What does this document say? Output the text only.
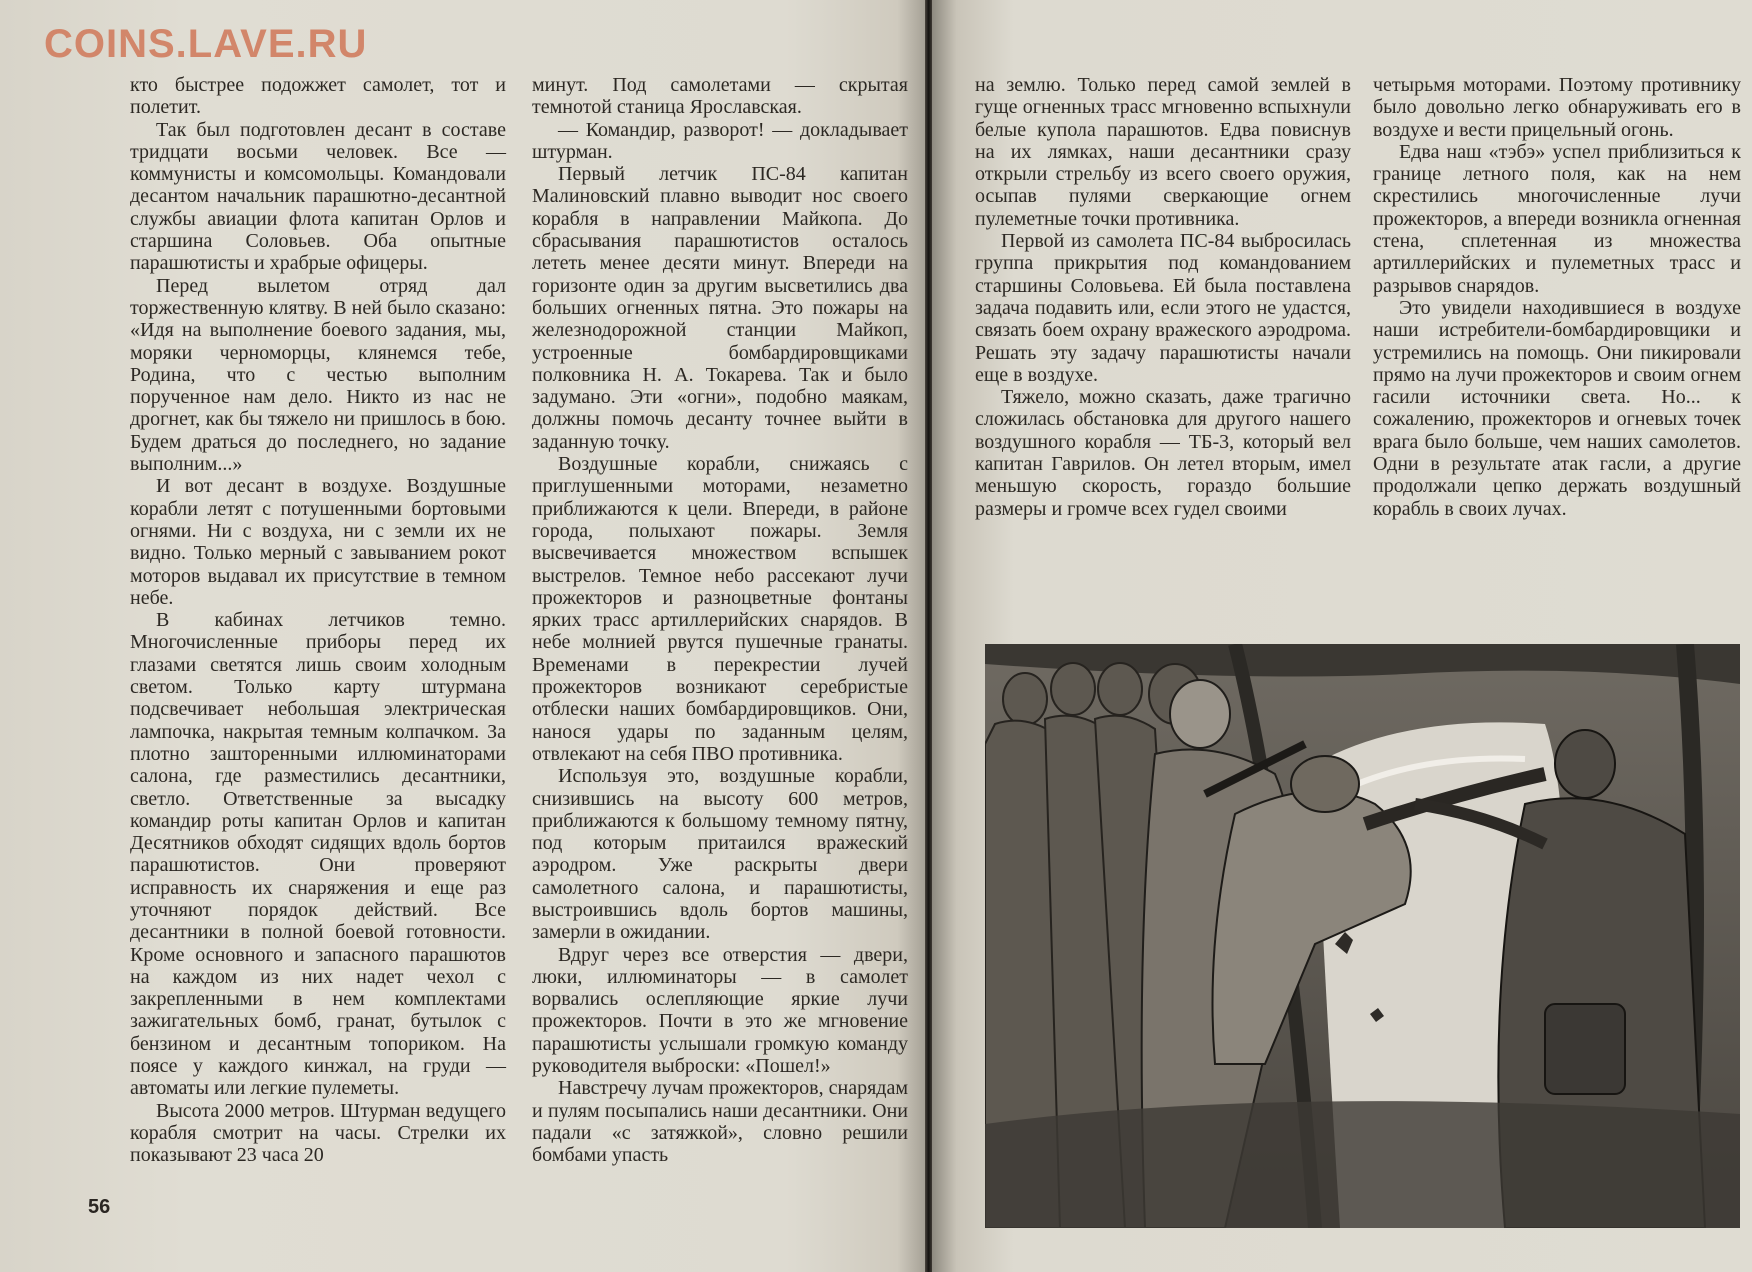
COINS.LAVE.RU

кто быстрее подожжет самолет, тот и полетит.

Так был подготовлен десант в составе тридцати восьми человек. Все — коммунисты и комсомольцы. Командовали десантом начальник парашютно-десантной службы авиации флота капитан Орлов и старшина Соловьев. Оба опытные парашютисты и храбрые офицеры.

Перед вылетом отряд дал торжественную клятву. В ней было сказано: «Идя на выполнение боевого задания, мы, моряки черноморцы, клянемся тебе, Родина, что с честью выполним порученное нам дело. Никто из нас не дрогнет, как бы тяжело ни пришлось в бою. Будем драться до последнего, но задание выполним...»

И вот десант в воздухе. Воздушные корабли летят с потушенными бортовыми огнями. Ни с воздуха, ни с земли их не видно. Только мерный с завыванием рокот моторов выдавал их присутствие в темном небе.

В кабинах летчиков темно. Многочисленные приборы перед их глазами светятся лишь своим холодным светом. Только карту штурмана подсвечивает небольшая электрическая лампочка, накрытая темным колпачком. За плотно зашторенными иллюминаторами салона, где разместились десантники, светло. Ответственные за высадку командир роты капитан Орлов и капитан Десятников обходят сидящих вдоль бортов парашютистов. Они проверяют исправность их снаряжения и еще раз уточняют порядок действий. Все десантники в полной боевой готовности. Кроме основного и запасного парашютов на каждом из них надет чехол с закрепленными в нем комплектами зажигательных бомб, гранат, бутылок с бензином и десантным топориком. На поясе у каждого кинжал, на груди — автоматы или легкие пулеметы.

Высота 2000 метров. Штурман ведущего корабля смотрит на часы. Стрелки их показывают 23 часа 20

минут. Под самолетами — скрытая темнотой станица Ярославская.

— Командир, разворот! — докладывает штурман.

Первый летчик ПС-84 капитан Малиновский плавно выводит нос своего корабля в направлении Майкопа. До сбрасывания парашютистов осталось лететь менее десяти минут. Впереди на горизонте один за другим высветились два больших огненных пятна. Это пожары на железнодорожной станции Майкоп, устроенные бомбардировщиками полковника Н. А. Токарева. Так и было задумано. Эти «огни», подобно маякам, должны помочь десанту точнее выйти в заданную точку.

Воздушные корабли, снижаясь с приглушенными моторами, незаметно приближаются к цели. Впереди, в районе города, полыхают пожары. Земля высвечивается множеством вспышек выстрелов. Темное небо рассекают лучи прожекторов и разноцветные фонтаны ярких трасс артиллерийских снарядов. В небе молнией рвутся пушечные гранаты. Временами в перекрестии лучей прожекторов возникают серебристые отблески наших бомбардировщиков. Они, нанося удары по заданным целям, отвлекают на себя ПВО противника.

Используя это, воздушные корабли, снизившись на высоту 600 метров, приближаются к большому темному пятну, под которым притаился вражеский аэродром. Уже раскрыты двери самолетного салона, и парашютисты, выстроившись вдоль бортов машины, замерли в ожидании.

Вдруг через все отверстия — двери, люки, иллюминаторы — в самолет ворвались ослепляющие яркие лучи прожекторов. Почти в это же мгновение парашютисты услышали громкую команду руководителя выброски: «Пошел!»

Навстречу лучам прожекторов, снарядам и пулям посыпались наши десантники. Они падали «с затяжкой», словно решили бомбами упасть

на землю. Только перед самой землей в гуще огненных трасс мгновенно вспыхнули белые купола парашютов. Едва повиснув на их лямках, наши десантники сразу открыли стрельбу из всего своего оружия, осыпав пулями сверкающие огнем пулеметные точки противника.

Первой из самолета ПС-84 выбросилась группа прикрытия под командованием старшины Соловьева. Ей была поставлена задача подавить или, если этого не удастся, связать боем охрану вражеского аэродрома. Решать эту задачу парашютисты начали еще в воздухе.

Тяжело, можно сказать, даже трагично сложилась обстановка для другого нашего воздушного корабля — ТБ-3, который вел капитан Гаврилов. Он летел вторым, имел меньшую скорость, гораздо большие размеры и громче всех гудел своими

четырьмя моторами. Поэтому противнику было довольно легко обнаруживать его в воздухе и вести прицельный огонь.

Едва наш «тэбэ» успел приблизиться к границе летного поля, как на нем скрестились многочисленные лучи прожекторов, а впереди возникла огненная стена, сплетенная из множества артиллерийских и пулеметных трасс и разрывов снарядов.

Это увидели находившиеся в воздухе наши истребители-бомбардировщики и устремились на помощь. Они пикировали прямо на лучи прожекторов и своим огнем гасили источники света. Но... к сожалению, прожекторов и огневых точек врага было больше, чем наших самолетов. Одни в результате атак гасли, а другие продолжали цепко держать воздушный корабль в своих лучах.

56
